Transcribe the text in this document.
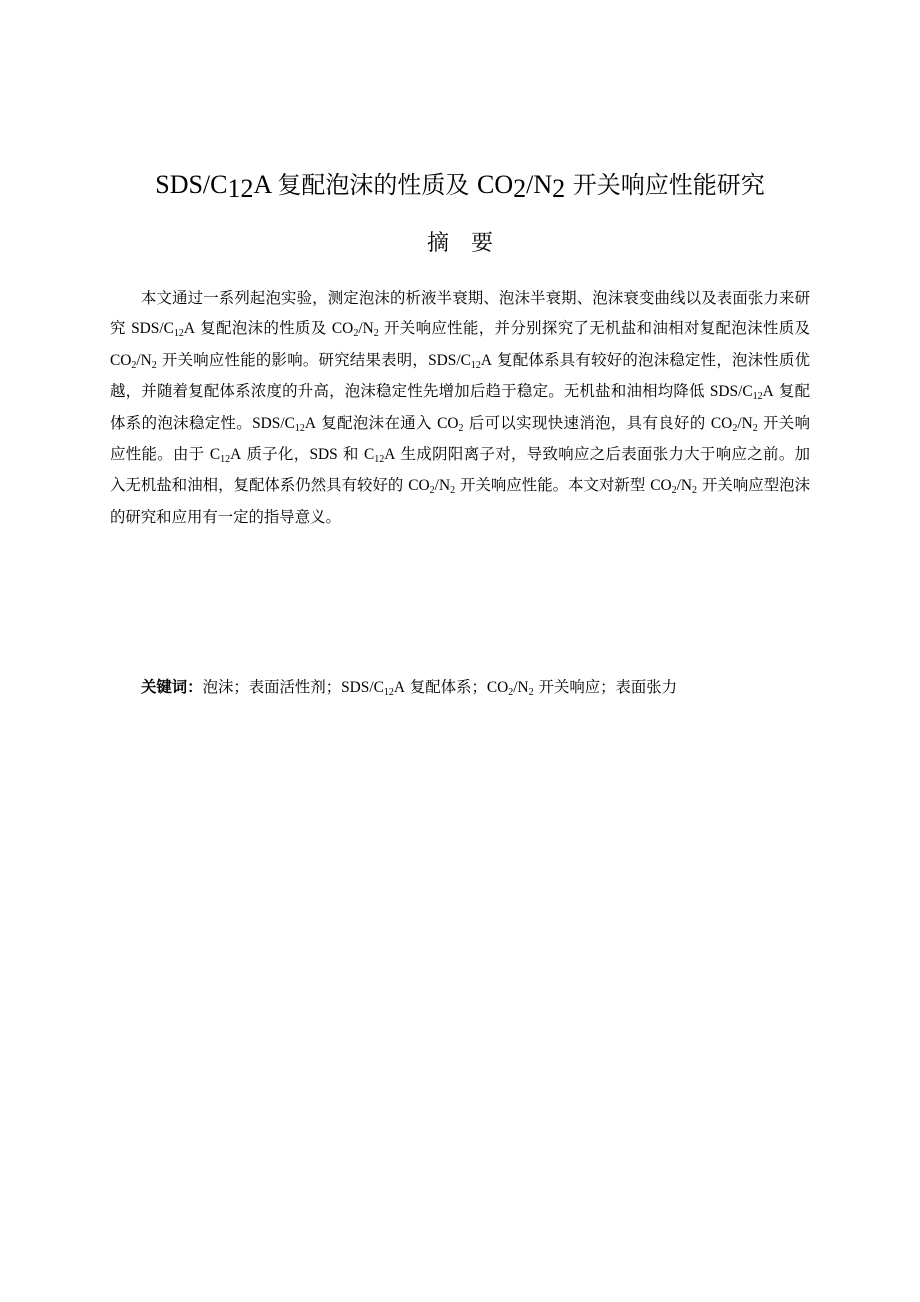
SDS/$C_{12}A$ 复配泡沫的性质及 $CO_2/N_2$ 开关响应性能研究
摘要

本文通过一系列起泡实验，测定泡沫的析液半衰期、泡沫半衰期、泡沫衰变曲线以及表面张力来研究 SDS/$C_{12}A$ 复配泡沫的性质及 $CO_2/N_2$ 开关响应性能，并分别探究了无机盐和油相对复配泡沫性质及 $CO_2/N_2$ 开关响应性能的影响。研究结果表明，SDS/$C_{12}A$ 复配体系具有较好的泡沫稳定性，泡沫性质优越，并随着复配体系浓度的升高，泡沫稳定性先增加后趋于稳定。无机盐和油相均降低 SDS/$C_{12}A$ 复配体系的泡沫稳定性。SDS/$C_{12}A$ 复配泡沫在通入 $CO_2$ 后可以实现快速消泡，具有良好的 $CO_2/N_2$ 开关响应性能。由于 $C_{12}A$ 质子化，SDS 和 $C_{12}A$ 生成阴阳离子对，导致响应之后表面张力大于响应之前。加入无机盐和油相，复配体系仍然具有较好的 $CO_2/N_2$ 开关响应性能。本文对新型 $CO_2/N_2$ 开关响应型泡沫的研究和应用有一定的指导意义。

关键词：泡沫；表面活性剂；SDS/$C_{12}A$ 复配体系；$CO_2/N_2$ 开关响应；表面张力
